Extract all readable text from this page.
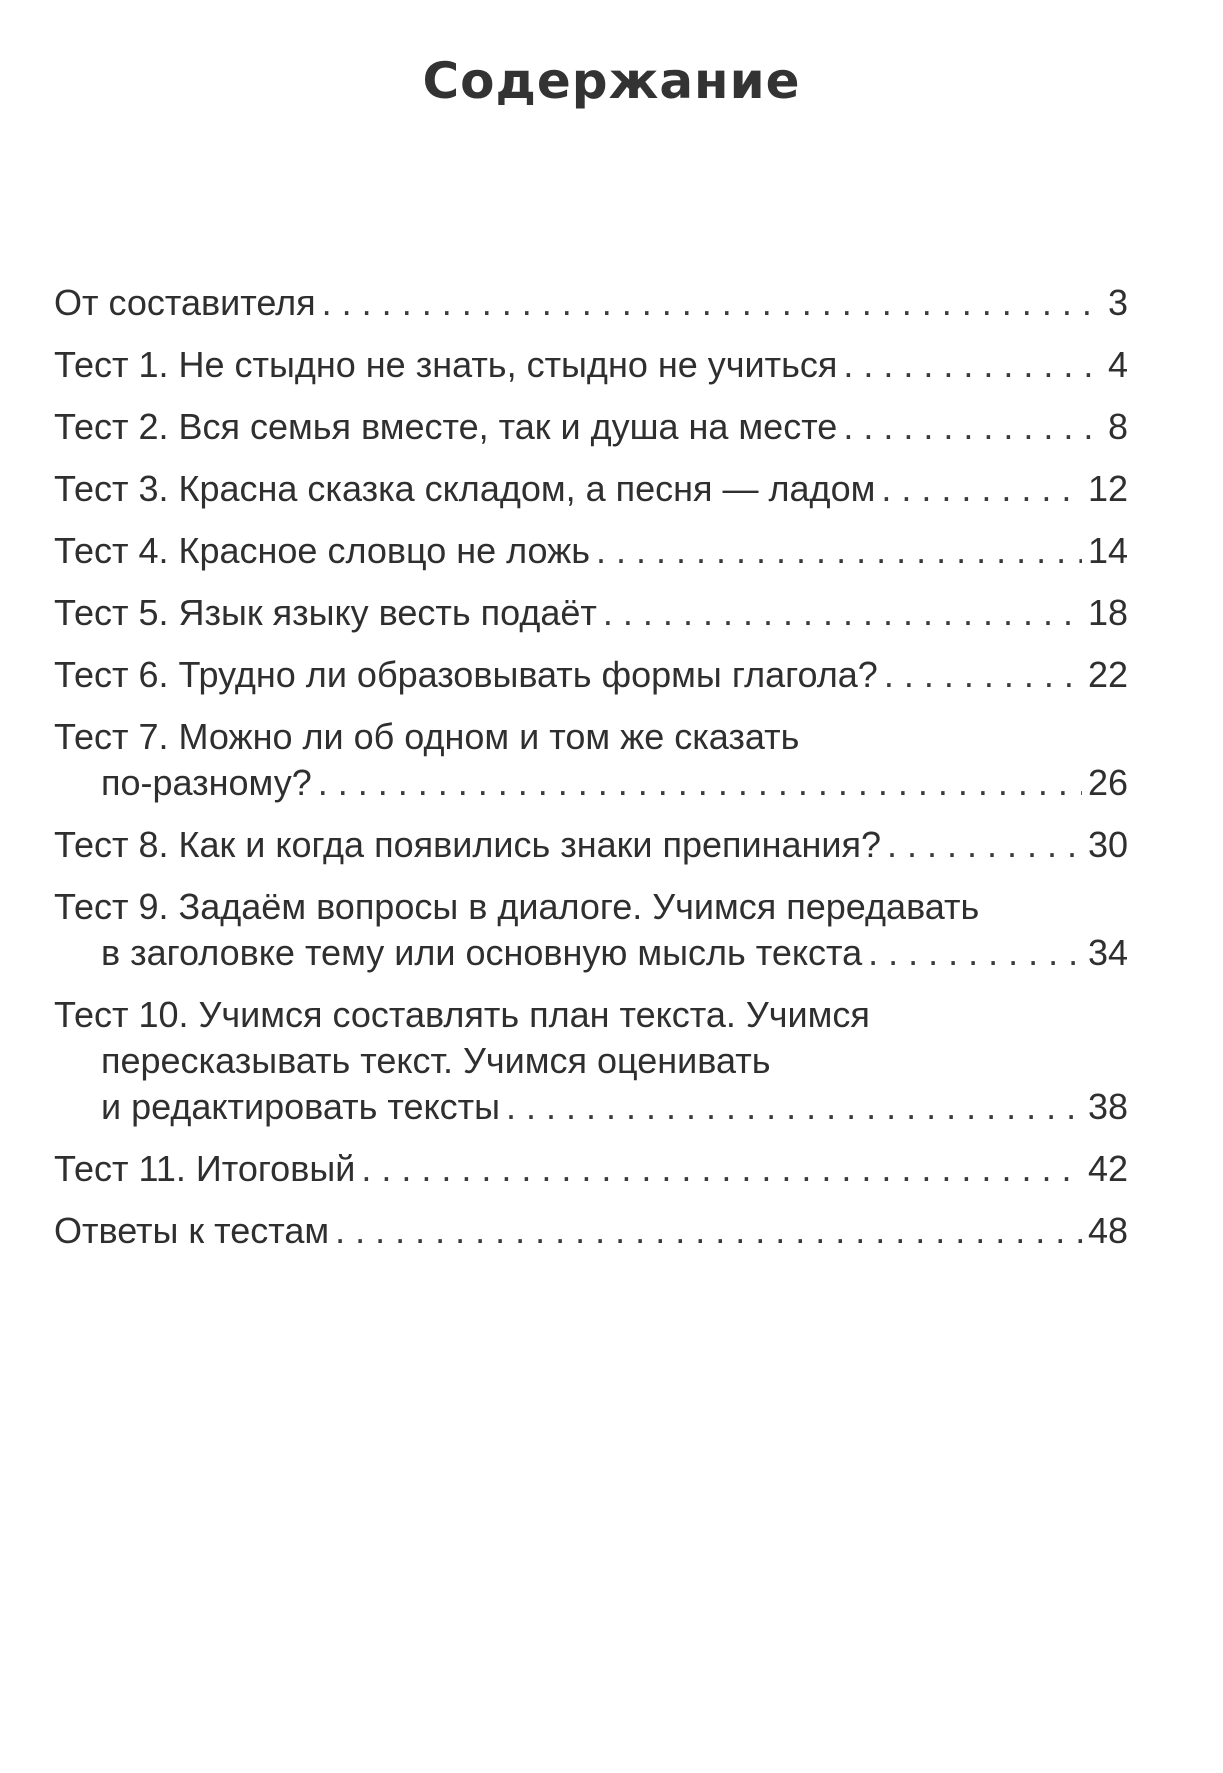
Содержание
От составителя . . .	3
Тест 1. Не стыдно не знать, стыдно не учиться . . .	4
Тест 2. Вся семья вместе, так и душа на месте . . .	8
Тест 3. Красна сказка складом, а песня — ладом . . .	12
Тест 4. Красное словцо не ложь . . .	14
Тест 5. Язык языку весть подаёт . . .	18
Тест 6. Трудно ли образовывать формы глагола? . . .	22
Тест 7. Можно ли об одном и том же сказать
по-разному? . . .	26
Тест 8. Как и когда появились знаки препинания? . . .	30
Тест 9. Задаём вопросы в диалоге. Учимся передавать
в заголовке тему или основную мысль текста . . .	34
Тест 10. Учимся составлять план текста. Учимся
пересказывать текст. Учимся оценивать
и редактировать тексты . . .	38
Тест 11. Итоговый . . .	42
Ответы к тестам . . .	48
